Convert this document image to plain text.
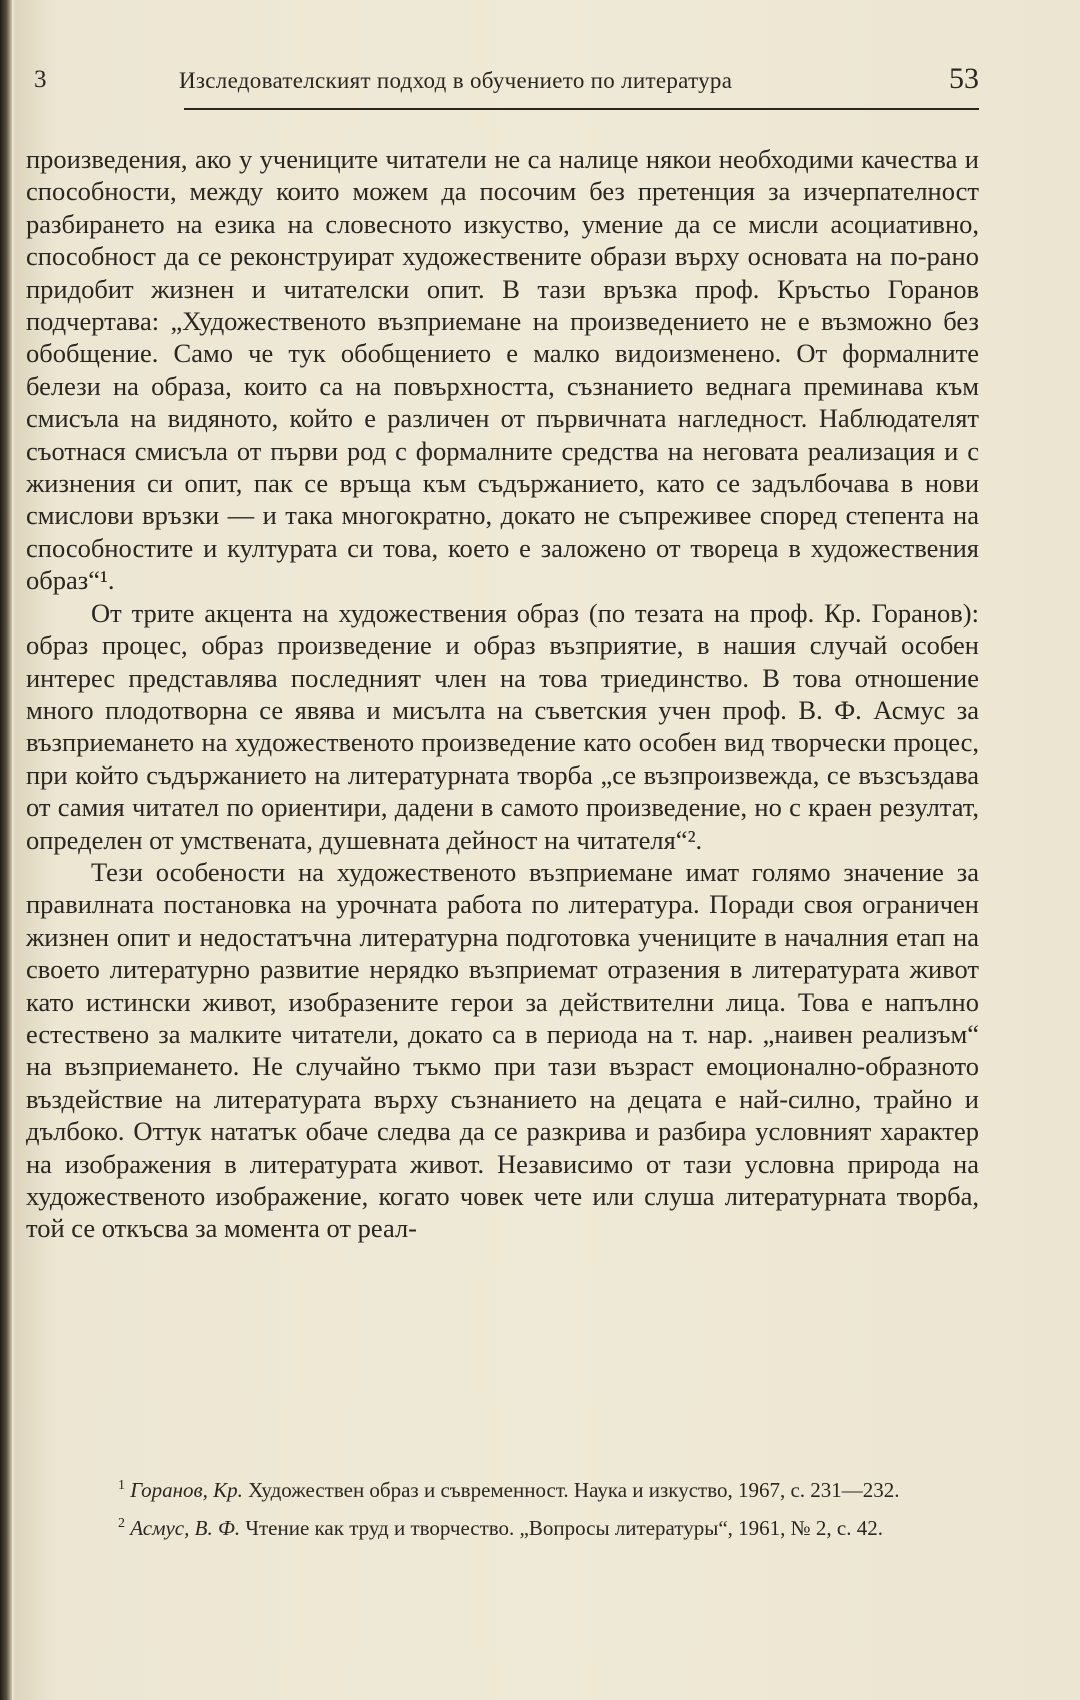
3	Изследователският подход в обучението по литература	53

произведения, ако у учениците читатели не са налице някои необходими качества и способности, между които можем да посочим без претенция за изчерпателност разбирането на езика на словесното изкуство, умение да се мисли асоциативно, способност да се реконструират художествените образи върху основата на по-рано придобит жизнен и читателски опит. В тази връзка проф. Кръстьо Горанов подчертава: „Художественото възприемане на произведението не е възможно без обобщение. Само че тук обобщението е малко видоизменено. От формалните белези на образа, които са на повърхността, съзнанието веднага преминава към смисъла на видяното, който е различен от първичната нагледност. Наблюдателят съотнася смисъла от първи род с формалните средства на неговата реализация и с жизнения си опит, пак се връща към съдържанието, като се задълбочава в нови смислови връзки — и така многократно, докато не съпреживее според степента на способностите и културата си това, което е заложено от твореца в художествения образ“¹.

От трите акцента на художествения образ (по тезата на проф. Кр. Горанов): образ процес, образ произведение и образ възприятие, в нашия случай особен интерес представлява последният член на това триединство. В това отношение много плодотворна се явява и мисълта на съветския учен проф. В. Ф. Асмус за възприемането на художественото произведение като особен вид творчески процес, при който съдържанието на литературната творба „се възпроизвежда, се възсъздава от самия читател по ориентири, дадени в самото произведение, но с краен резултат, определен от умствената, душевната дейност на читателя“².

Тези особености на художественото възприемане имат голямо значение за правилната постановка на урочната работа по литература. Поради своя ограничен жизнен опит и недостатъчна литературна подготовка учениците в началния етап на своето литературно развитие нерядко възприемат отразения в литературата живот като истински живот, изобразените герои за действителни лица. Това е напълно естествено за малките читатели, докато са в периода на т. нар. „наивен реализъм“ на възприемането. Не случайно тъкмо при тази възраст емоционално-образното въздействие на литературата върху съзнанието на децата е най-силно, трайно и дълбоко. Оттук нататък обаче следва да се разкрива и разбира условният характер на изображения в литературата живот. Независимо от тази условна природа на художественото изображение, когато човек чете или слуша литературната творба, той се откъсва за момента от реал-

$^1$ Горанов, Кр. Художествен образ и съвременност. Наука и изкуство, 1967, с. 231—232.

$^2$ Асмус, В. Ф. Чтение как труд и творчество. „Вопросы литературы“, 1961, № 2, с. 42.
